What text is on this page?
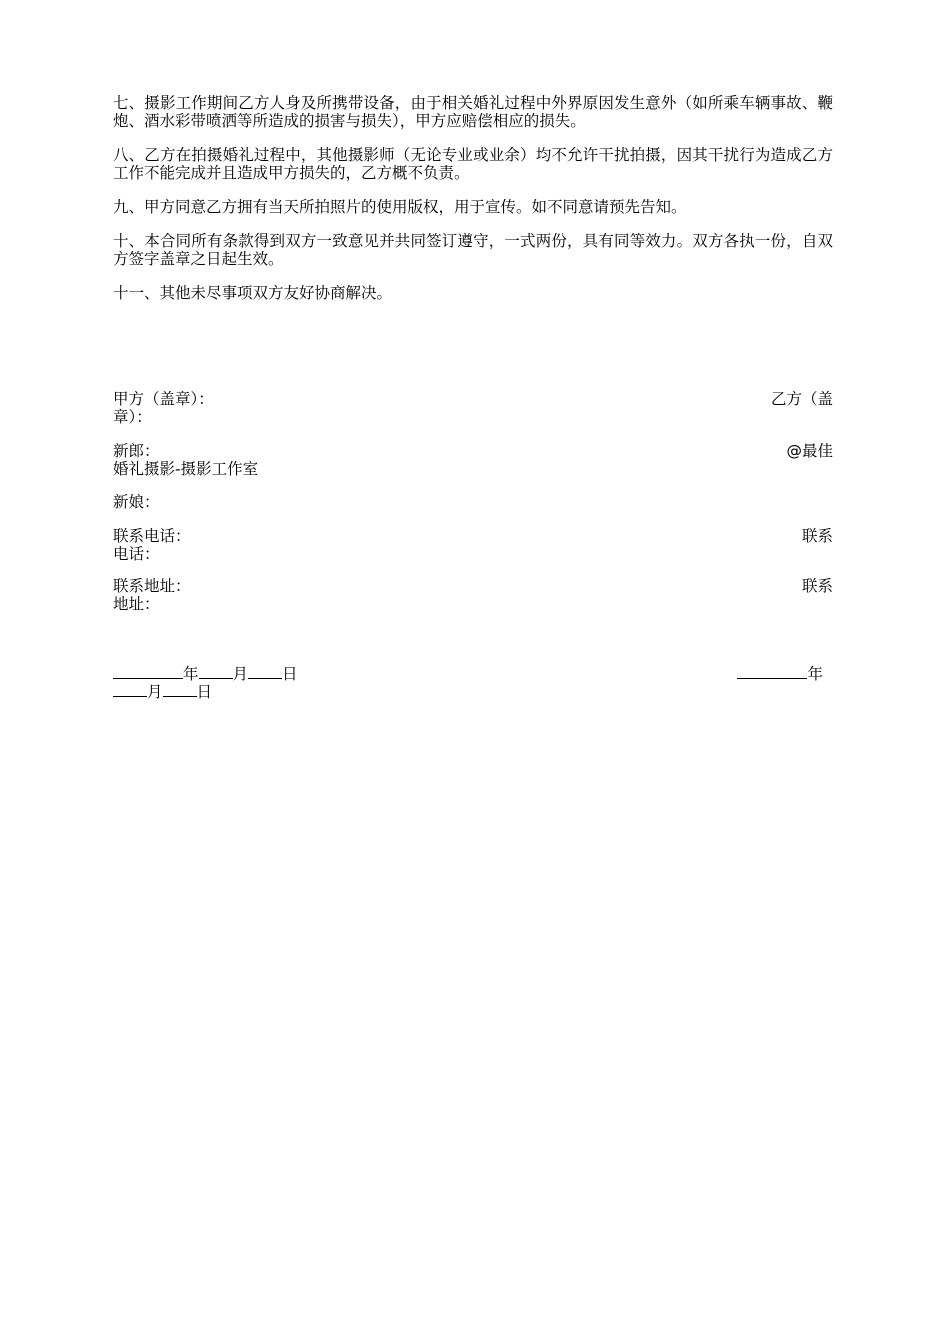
七、摄影工作期间乙方人身及所携带设备，由于相关婚礼过程中外界原因发生意外（如所乘车辆事故、鞭炮、酒水彩带喷洒等所造成的损害与损失），甲方应赔偿相应的损失。

八、乙方在拍摄婚礼过程中，其他摄影师（无论专业或业余）均不允许干扰拍摄，因其干扰行为造成乙方工作不能完成并且造成甲方损失的，乙方概不负责。

九、甲方同意乙方拥有当天所拍照片的使用版权，用于宣传。如不同意请预先告知。

十、本合同所有条款得到双方一致意见并共同签订遵守，一式两份，具有同等效力。双方各执一份，自双方签字盖章之日起生效。

十一、其他未尽事项双方友好协商解决。

甲方（盖章）：	乙方（盖
章）：
新郎：	@最佳
婚礼摄影-摄影工作室
新娘：
联系电话：	联系
电话：
联系地址：	联系
地址：
年 月 日	年
月 日
